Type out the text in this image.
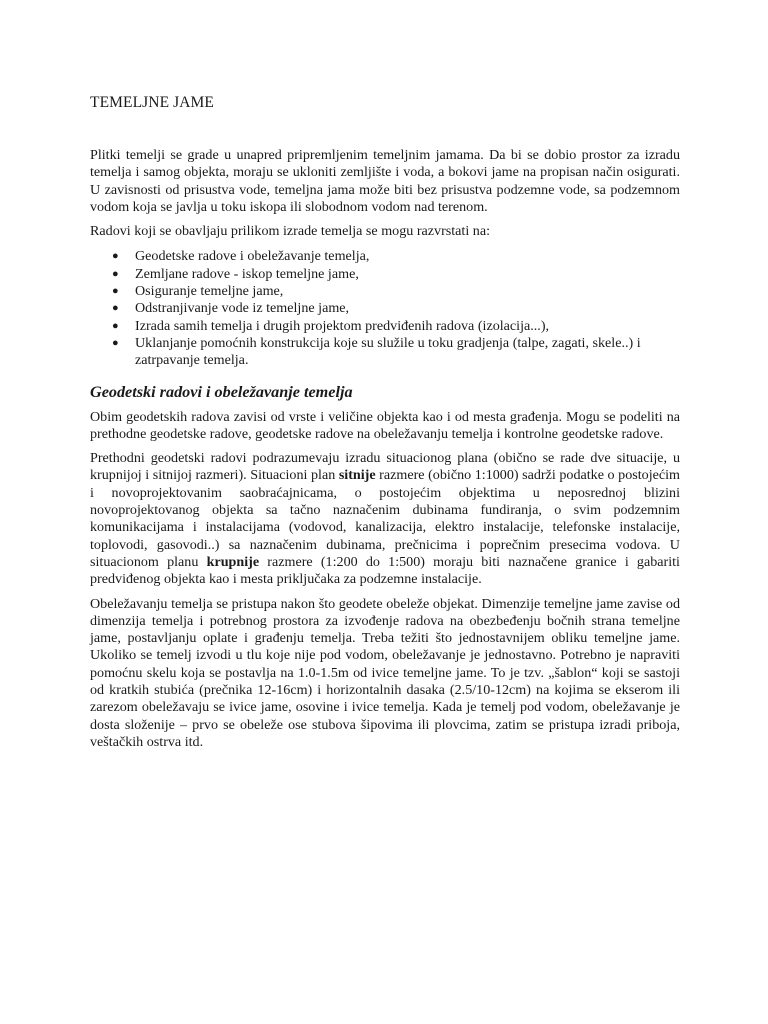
TEMELJNE JAME

Plitki temelji se grade u unapred pripremljenim temeljnim jamama. Da bi se dobio prostor za izradu temelja i samog objekta, moraju se ukloniti zemljište i voda, a bokovi jame na propisan način osigurati. U zavisnosti od prisustva vode, temeljna jama može biti bez prisustva podzemne vode, sa podzemnom vodom koja se javlja u toku iskopa ili slobodnom vodom nad terenom.

Radovi koji se obavljaju prilikom izrade temelja se mogu razvrstati na:

● Geodetske radove i obeležavanje temelja,
● Zemljane radove - iskop temeljne jame,
● Osiguranje temeljne jame,
● Odstranjivanje vode iz temeljne jame,
● Izrada samih temelja i drugih projektom predviđenih radova (izolacija...),
● Uklanjanje pomoćnih konstrukcija koje su služile u toku gradjenja (talpe, zagati, skele..) i zatrpavanje temelja.
Geodetski radovi i obeležavanje temelja

Obim geodetskih radova zavisi od vrste i veličine objekta kao i od mesta građenja. Mogu se podeliti na prethodne geodetske radove, geodetske radove na obeležavanju temelja i kontrolne geodetske radove.

Prethodni geodetski radovi podrazumevaju izradu situacionog plana (obično se rade dve situacije, u krupnijoj i sitnijoj razmeri). Situacioni plan sitnije razmere (obično 1:1000) sadrži podatke o postojećim i novoprojektovanim saobraćajnicama, o postojećim objektima u neposrednoj blizini novoprojektovanog objekta sa tačno naznačenim dubinama fundiranja, o svim podzemnim komunikacijama i instalacijama (vodovod, kanalizacija, elektro instalacije, telefonske instalacije, toplovodi, gasovodi..) sa naznačenim dubinama, prečnicima i poprečnim presecima vodova. U situacionom planu krupnije razmere (1:200 do 1:500) moraju biti naznačene granice i gabariti predviđenog objekta kao i mesta priključaka za podzemne instalacije.

Obeležavanju temelja se pristupa nakon što geodete obeleže objekat. Dimenzije temeljne jame zavise od dimenzija temelja i potrebnog prostora za izvođenje radova na obezbeđenju bočnih strana temeljne jame, postavljanju oplate i građenju temelja. Treba težiti što jednostavnijem obliku temeljne jame. Ukoliko se temelj izvodi u tlu koje nije pod vodom, obeležavanje je jednostavno. Potrebno je napraviti pomoćnu skelu koja se postavlja na 1.0-1.5m od ivice temeljne jame. To je tzv. „šablon“ koji se sastoji od kratkih stubića (prečnika 12-16cm) i horizontalnih dasaka (2.5/10-12cm) na kojima se ekserom ili zarezom obeležavaju se ivice jame, osovine i ivice temelja. Kada je temelj pod vodom, obeležavanje je dosta složenije – prvo se obeleže ose stubova šipovima ili plovcima, zatim se pristupa izradi priboja, veštačkih ostrva itd.
